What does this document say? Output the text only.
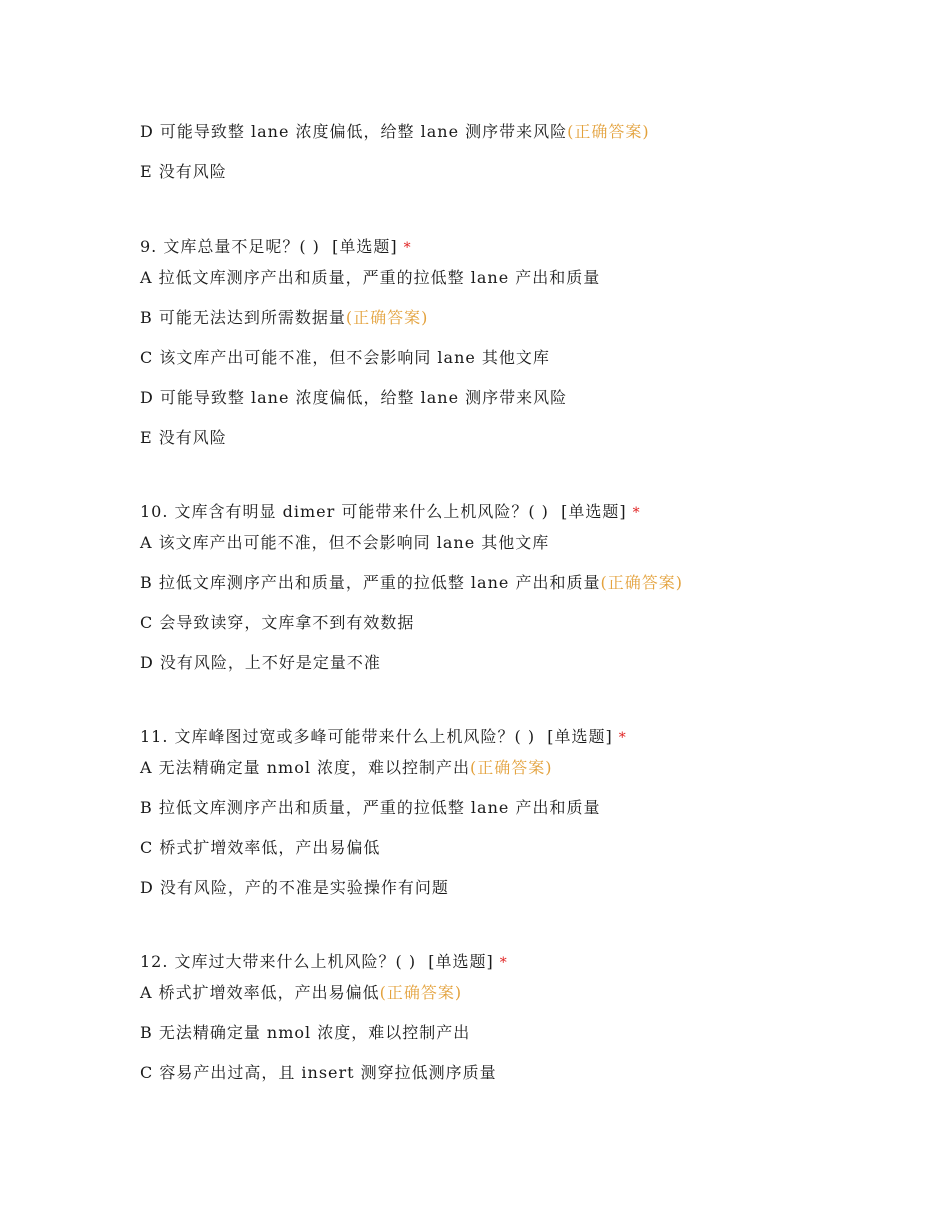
D 可能导致整 lane 浓度偏低，给整 lane 测序带来风险(正确答案)
E 没有风险
9. 文库总量不足呢？( ) [单选题] *
A 拉低文库测序产出和质量，严重的拉低整 lane 产出和质量
B 可能无法达到所需数据量(正确答案)
C 该文库产出可能不准，但不会影响同 lane 其他文库
D 可能导致整 lane 浓度偏低，给整 lane 测序带来风险
E 没有风险
10. 文库含有明显 dimer 可能带来什么上机风险？( ) [单选题] *
A 该文库产出可能不准，但不会影响同 lane 其他文库
B 拉低文库测序产出和质量，严重的拉低整 lane 产出和质量(正确答案)
C 会导致读穿，文库拿不到有效数据
D 没有风险，上不好是定量不准
11. 文库峰图过宽或多峰可能带来什么上机风险？( ) [单选题] *
A 无法精确定量 nmol 浓度，难以控制产出(正确答案)
B 拉低文库测序产出和质量，严重的拉低整 lane 产出和质量
C 桥式扩增效率低，产出易偏低
D 没有风险，产的不准是实验操作有问题
12. 文库过大带来什么上机风险？( ) [单选题] *
A 桥式扩增效率低，产出易偏低(正确答案)
B 无法精确定量 nmol 浓度，难以控制产出
C 容易产出过高，且 insert 测穿拉低测序质量
